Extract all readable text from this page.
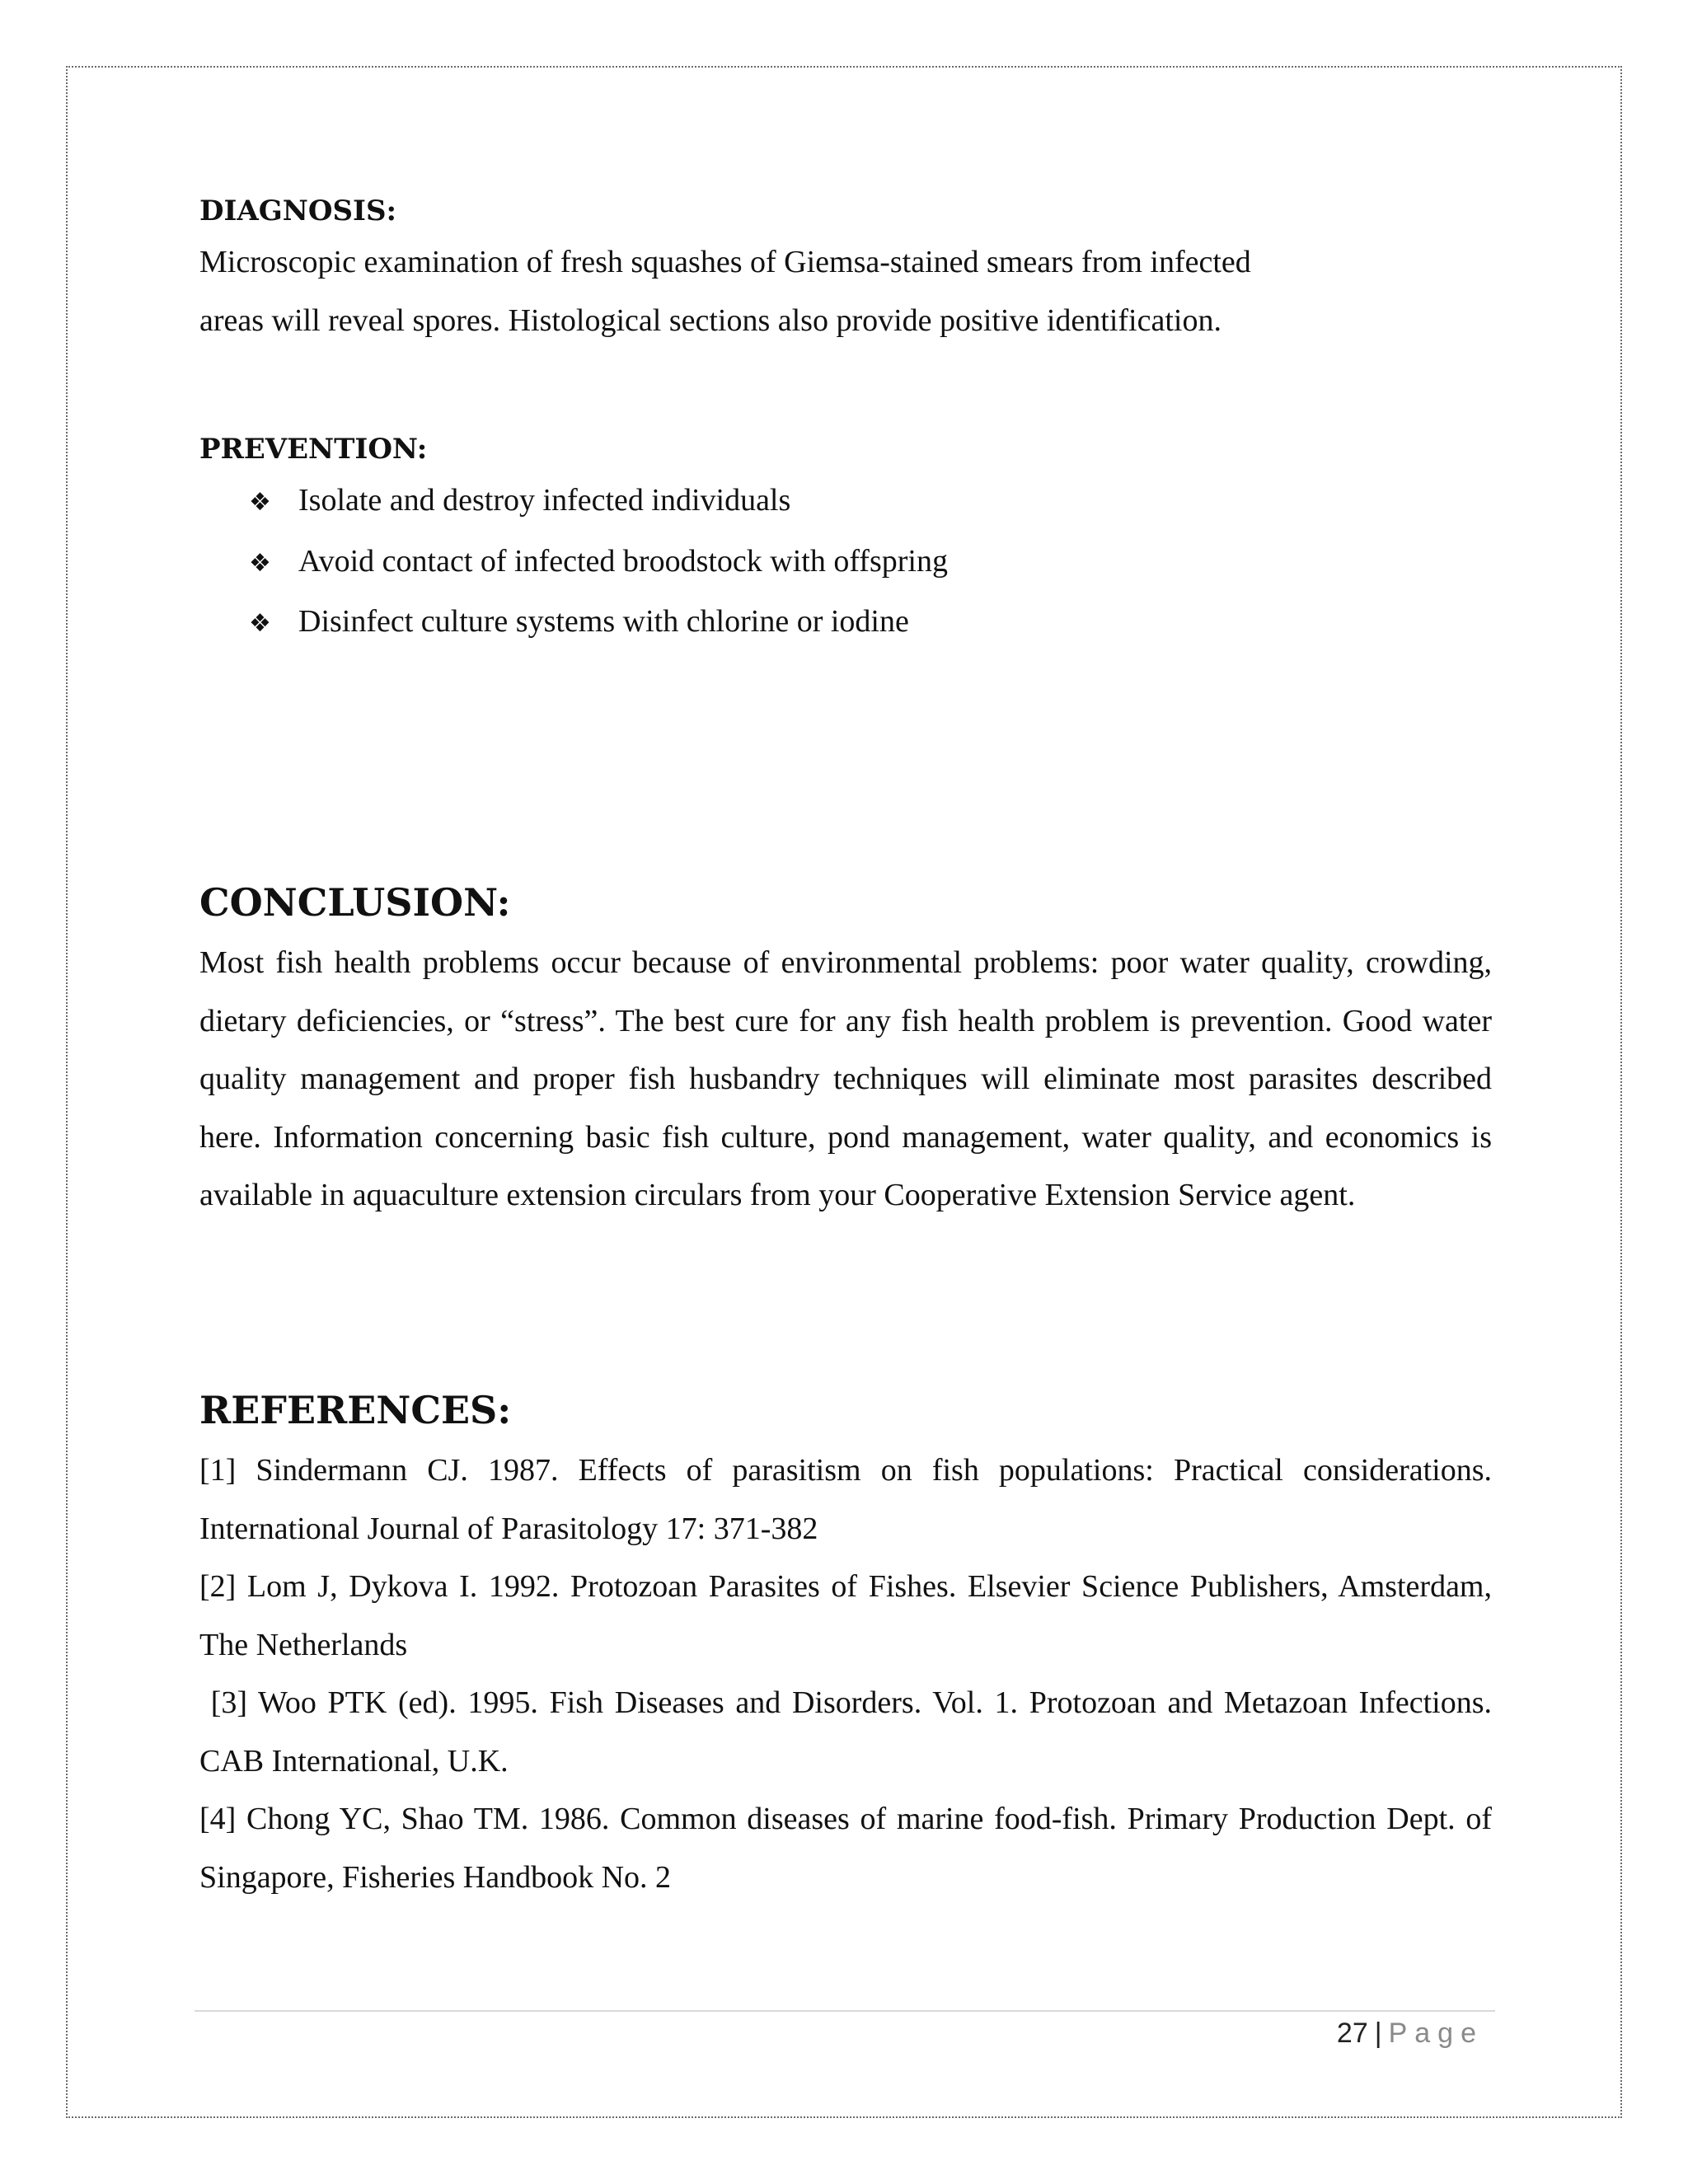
DIAGNOSIS:

Microscopic examination of fresh squashes of Giemsa-stained smears from infected areas will reveal spores. Histological sections also provide positive identification.

PREVENTION:

❖ Isolate and destroy infected individuals
❖ Avoid contact of infected broodstock with offspring
❖ Disinfect culture systems with chlorine or iodine
CONCLUSION:

Most fish health problems occur because of environmental problems: poor water quality, crowding, dietary deficiencies, or “stress”. The best cure for any fish health problem is prevention. Good water quality management and proper fish husbandry techniques will eliminate most parasites described here. Information concerning basic fish culture, pond management, water quality, and economics is available in aquaculture extension circulars from your Cooperative Extension Service agent.

REFERENCES:

[1] Sindermann CJ. 1987. Effects of parasitism on fish populations: Practical considerations. International Journal of Parasitology 17: 371-382

[2] Lom J, Dykova I. 1992. Protozoan Parasites of Fishes. Elsevier Science Publishers, Amsterdam, The Netherlands

[3] Woo PTK (ed). 1995. Fish Diseases and Disorders. Vol. 1. Protozoan and Metazoan Infections. CAB International, U.K.

[4] Chong YC, Shao TM. 1986. Common diseases of marine food-fish. Primary Production Dept. of Singapore, Fisheries Handbook No. 2

27 | Page
